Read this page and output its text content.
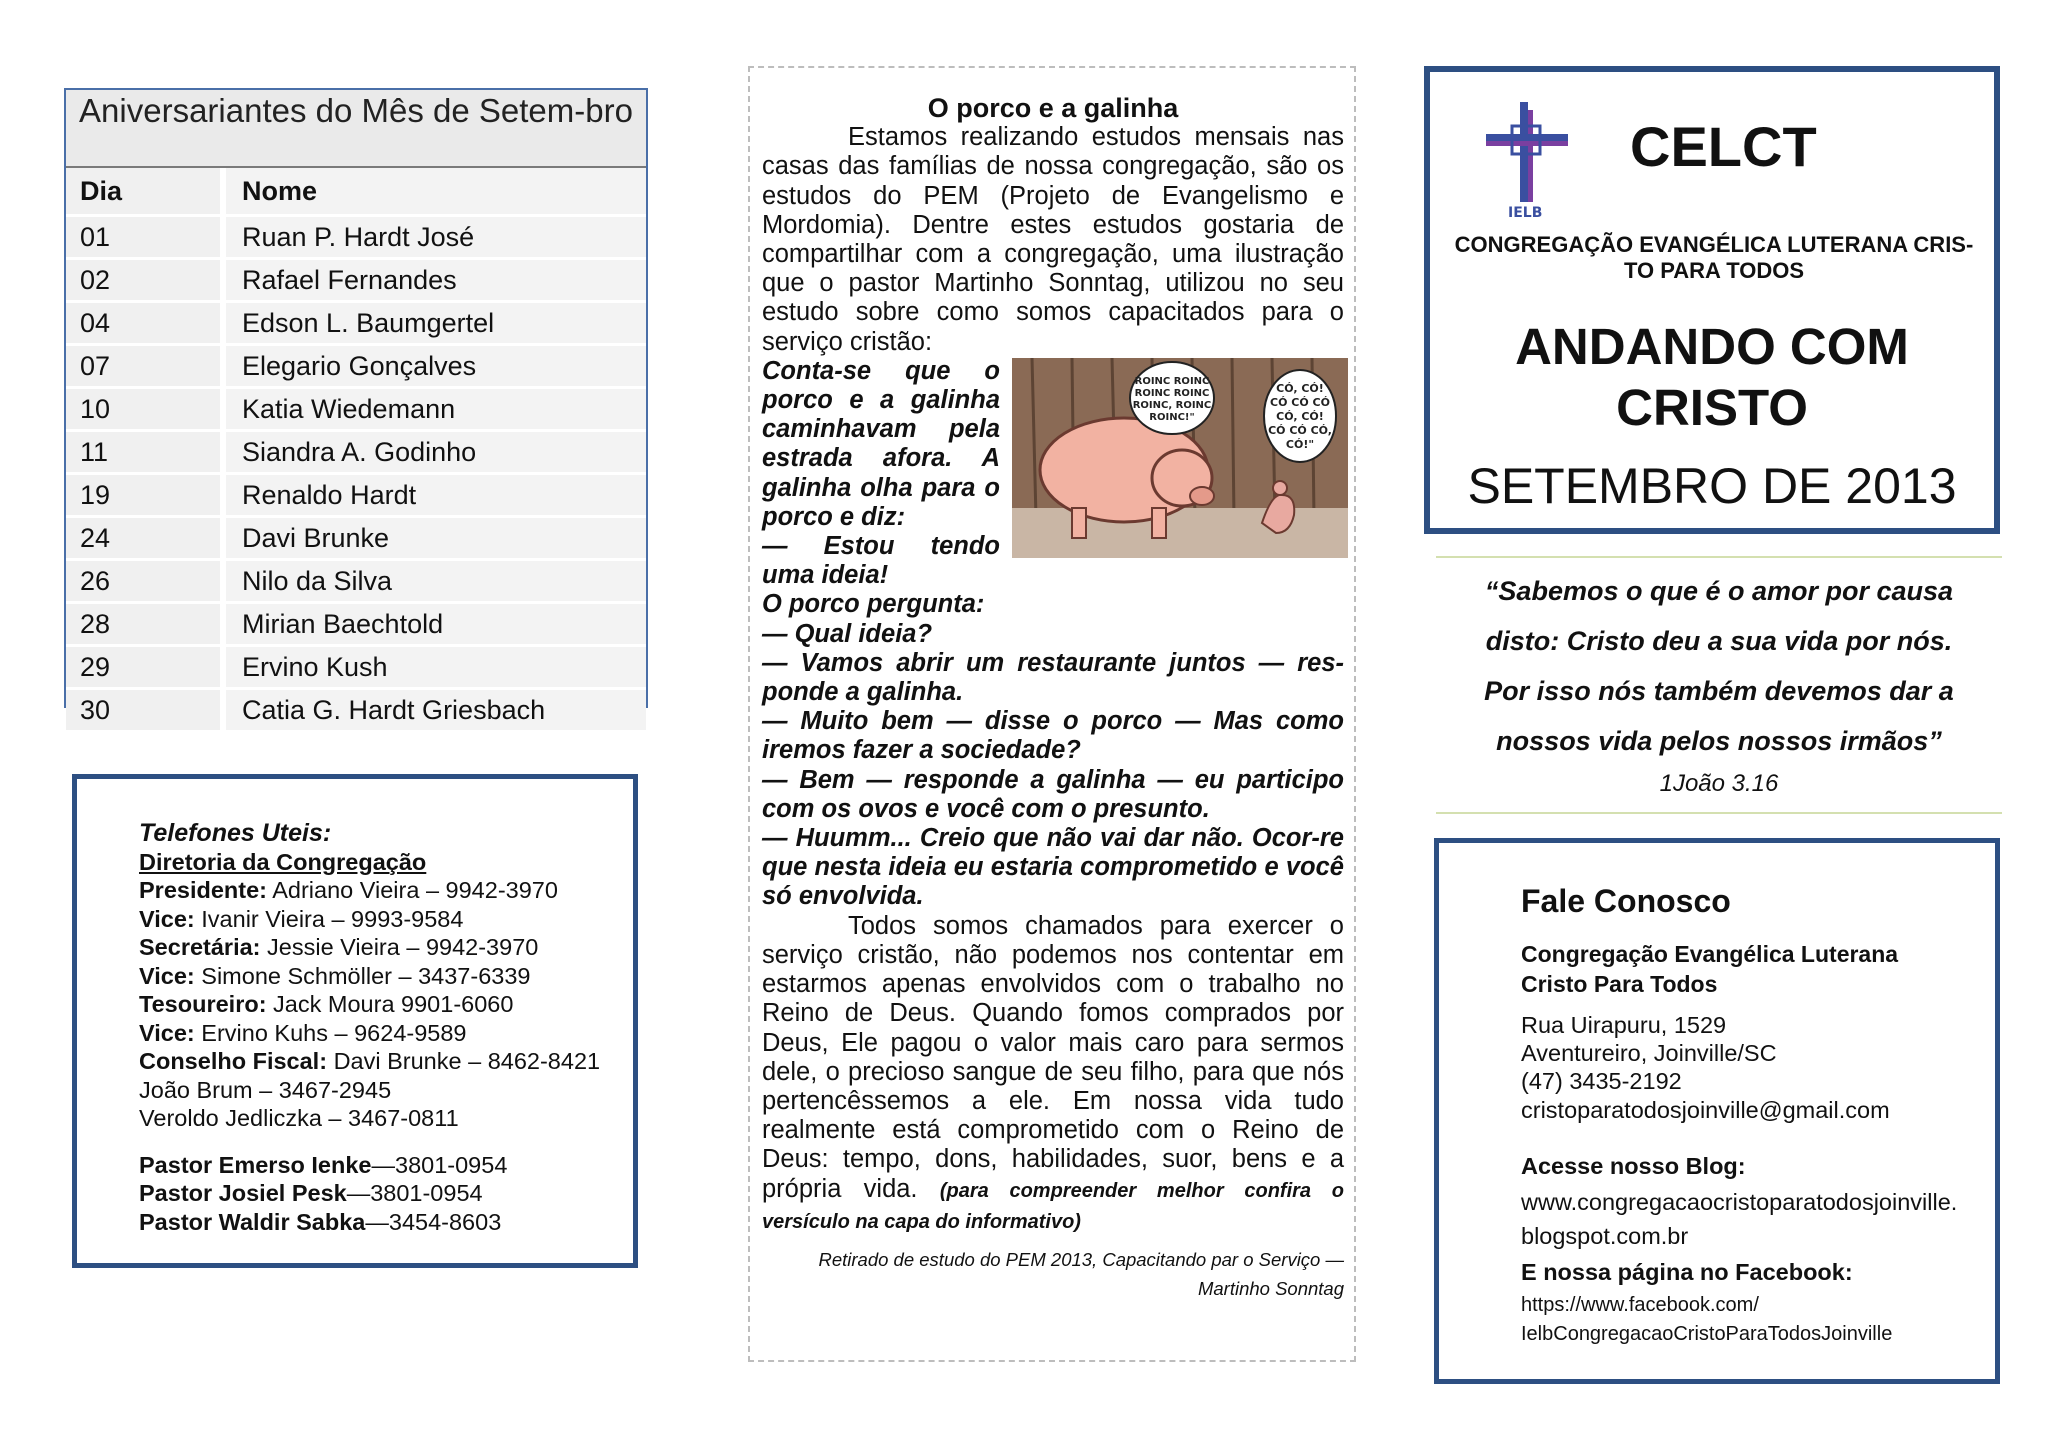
Aniversariantes do Mês de Setem-bro
Dia	Nome
01	Ruan P. Hardt José
02	Rafael Fernandes
04	Edson L. Baumgertel
07	Elegario Gonçalves
10	Katia Wiedemann
11	Siandra A. Godinho
19	Renaldo Hardt
24	Davi Brunke
26	Nilo da Silva
28	Mirian Baechtold
29	Ervino Kush
30	Catia G. Hardt Griesbach
Telefones Uteis:
Diretoria da Congregação
Presidente: Adriano Vieira – 9942-3970
Vice: Ivanir Vieira – 9993-9584
Secretária: Jessie Vieira – 9942-3970
Vice: Simone Schmöller – 3437-6339
Tesoureiro: Jack Moura 9901-6060
Vice: Ervino Kuhs – 9624-9589
Conselho Fiscal: Davi Brunke – 8462-8421
João Brum – 3467-2945
Veroldo Jedliczka – 3467-0811
Pastor Emerso Ienke—3801-0954
Pastor Josiel Pesk—3801-0954
Pastor Waldir Sabka—3454-8603
O porco e a galinha
Estamos realizando estudos mensais nas casas das famílias de nossa congregação, são os estudos do PEM (Projeto de Evangelismo e Mordomia). Dentre estes estudos gostaria de compartilhar com a congregação, uma ilustração que o pastor Martinho Sonntag, utilizou no seu estudo sobre como somos capacitados para o serviço cristão:
ROINC ROINC
ROINC ROINC
ROINC, ROINC
ROINC!"
CÓ, CÓ!
CÓ CÓ CÓ
CÓ, CÓ!
CÓ CÓ CÓ,
CÓ!"
Conta-se que o porco e a galinha caminhavam pela estrada afora. A galinha olha para o porco e diz:
— Estou tendo uma ideia!
O porco pergunta:
— Qual ideia?
— Vamos abrir um restaurante juntos — res-ponde a galinha.
— Muito bem — disse o porco — Mas como iremos fazer a sociedade?
— Bem — responde a galinha — eu participo com os ovos e você com o presunto.
— Huumm... Creio que não vai dar não. Ocor-re que nesta ideia eu estaria comprometido e você só envolvida.
Todos somos chamados para exercer o serviço cristão, não podemos nos contentar em estarmos apenas envolvidos com o trabalho no Reino de Deus. Quando fomos comprados por Deus, Ele pagou o valor mais caro para sermos dele, o precioso sangue de seu filho, para que nós pertencêssemos a ele. Em nossa vida tudo realmente está comprometido com o Reino de Deus: tempo, dons, habilidades, suor, bens e a própria vida. (para compreender melhor confira o versículo na capa do informativo)
Retirado de estudo do PEM 2013, Capacitando par o Serviço — Martinho Sonntag
IELB
CELCT
CONGREGAÇÃO EVANGÉLICA LUTERANA CRIS-TO PARA TODOS
ANDANDO COM CRISTO
SETEMBRO DE 2013
“Sabemos o que é o amor por causa
disto: Cristo deu a sua vida por nós.
Por isso nós também devemos dar a
nossos vida pelos nossos irmãos”
1João 3.16
Fale Conosco
Congregação Evangélica Luterana
Cristo Para Todos
Rua Uirapuru, 1529
Aventureiro, Joinville/SC
(47) 3435-2192
cristoparatodosjoinville@gmail.com
Acesse nosso Blog:
www.congregacaocristoparatodosjoinville. blogspot.com.br
E nossa página no Facebook:
https://www.facebook.com/
IelbCongregacaoCristoParaTodosJoinville
